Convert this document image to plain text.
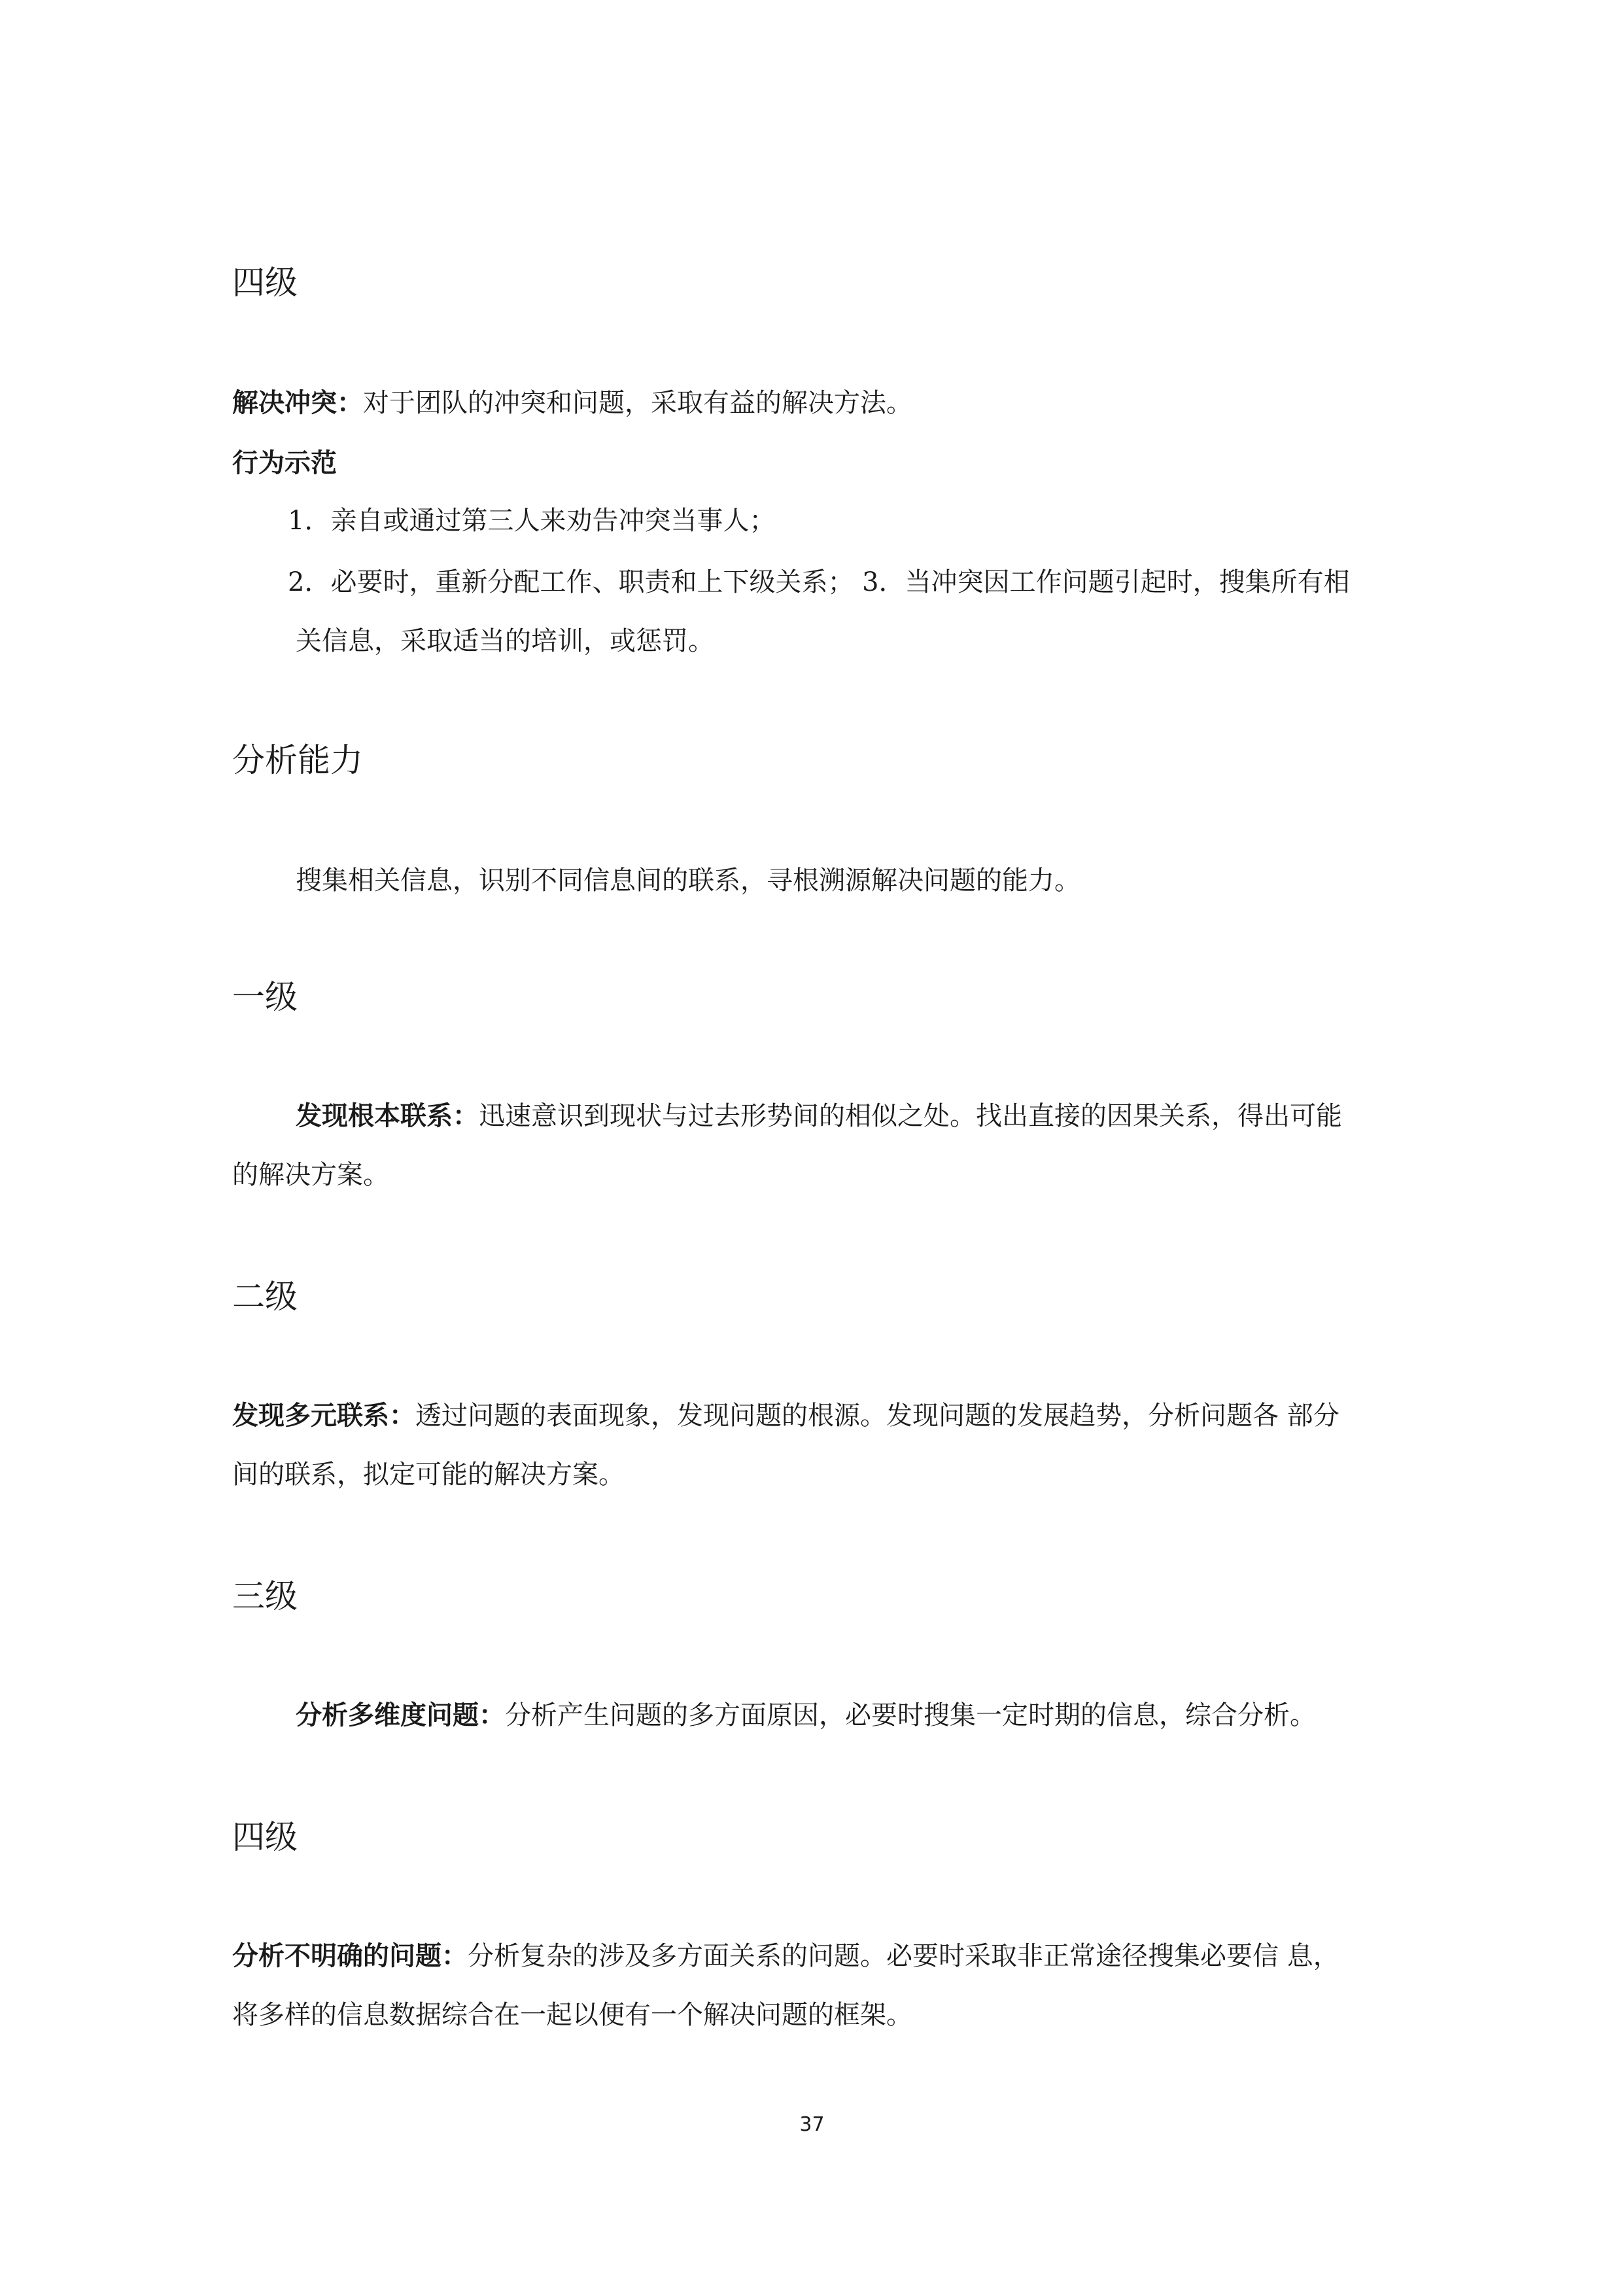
四级

解决冲突：对于团队的冲突和问题，采取有益的解决方法。

行为示范

1．亲自或通过第三人来劝告冲突当事人；

2．必要时，重新分配工作、职责和上下级关系； 3．当冲突因工作问题引起时，搜集所有相

关信息，采取适当的培训，或惩罚。

分析能力

搜集相关信息，识别不同信息间的联系，寻根溯源解决问题的能力。

一级

发现根本联系：迅速意识到现状与过去形势间的相似之处。找出直接的因果关系，得出可能

的解决方案。

二级

发现多元联系：透过问题的表面现象，发现问题的根源。发现问题的发展趋势，分析问题各 部分

间的联系，拟定可能的解决方案。

三级

分析多维度问题：分析产生问题的多方面原因，必要时搜集一定时期的信息，综合分析。

四级

分析不明确的问题：分析复杂的涉及多方面关系的问题。必要时采取非正常途径搜集必要信 息，

将多样的信息数据综合在一起以便有一个解决问题的框架。

37
